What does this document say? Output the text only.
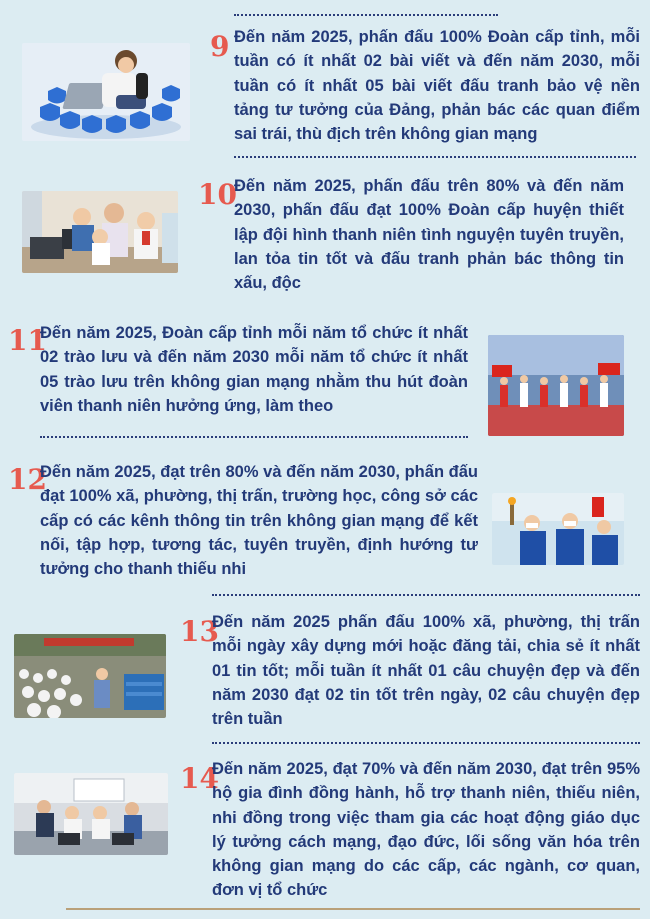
9 Đến năm 2025, phấn đấu 100% Đoàn cấp tỉnh, mỗi tuần có ít nhất 02 bài viết và đến năm 2030, mỗi tuần có ít nhất 05 bài viết đấu tranh bảo vệ nền tảng tư tưởng của Đảng, phản bác các quan điểm sai trái, thù địch trên không gian mạng
10
Đến năm 2025, phấn đấu trên 80% và đến năm 2030, phấn đấu đạt 100% Đoàn cấp huyện thiết lập đội hình thanh niên tình nguyện tuyên truyền, lan tỏa tin tốt và đấu tranh phản bác thông tin xấu, độc
11
Đến năm 2025, Đoàn cấp tỉnh mỗi năm tổ chức ít nhất 02 trào lưu và đến năm 2030 mỗi năm tổ chức ít nhất 05 trào lưu trên không gian mạng nhằm thu hút đoàn viên thanh niên hưởng ứng, làm theo
12
Đến năm 2025, đạt trên 80% và đến năm 2030, phấn đấu đạt 100% xã, phường, thị trấn, trường học, công sở các cấp có các kênh thông tin trên không gian mạng để kết nối, tập hợp, tương tác, tuyên truyền, định hướng tư tưởng cho thanh thiếu nhi
13
Đến năm 2025 phấn đấu 100% xã, phường, thị trấn mỗi ngày xây dựng mới hoặc đăng tải, chia sẻ ít nhất 01 tin tốt; mỗi tuần ít nhất 01 câu chuyện đẹp và đến năm 2030 đạt 02 tin tốt trên ngày, 02 câu chuyện đẹp trên tuần
14
Đến năm 2025, đạt 70% và đến năm 2030, đạt trên 95% hộ gia đình đồng hành, hỗ trợ thanh niên, thiếu niên, nhi đồng trong việc tham gia các hoạt động giáo dục lý tưởng cách mạng, đạo đức, lối sống văn hóa trên không gian mạng do các cấp, các ngành, cơ quan, đơn vị tổ chức
